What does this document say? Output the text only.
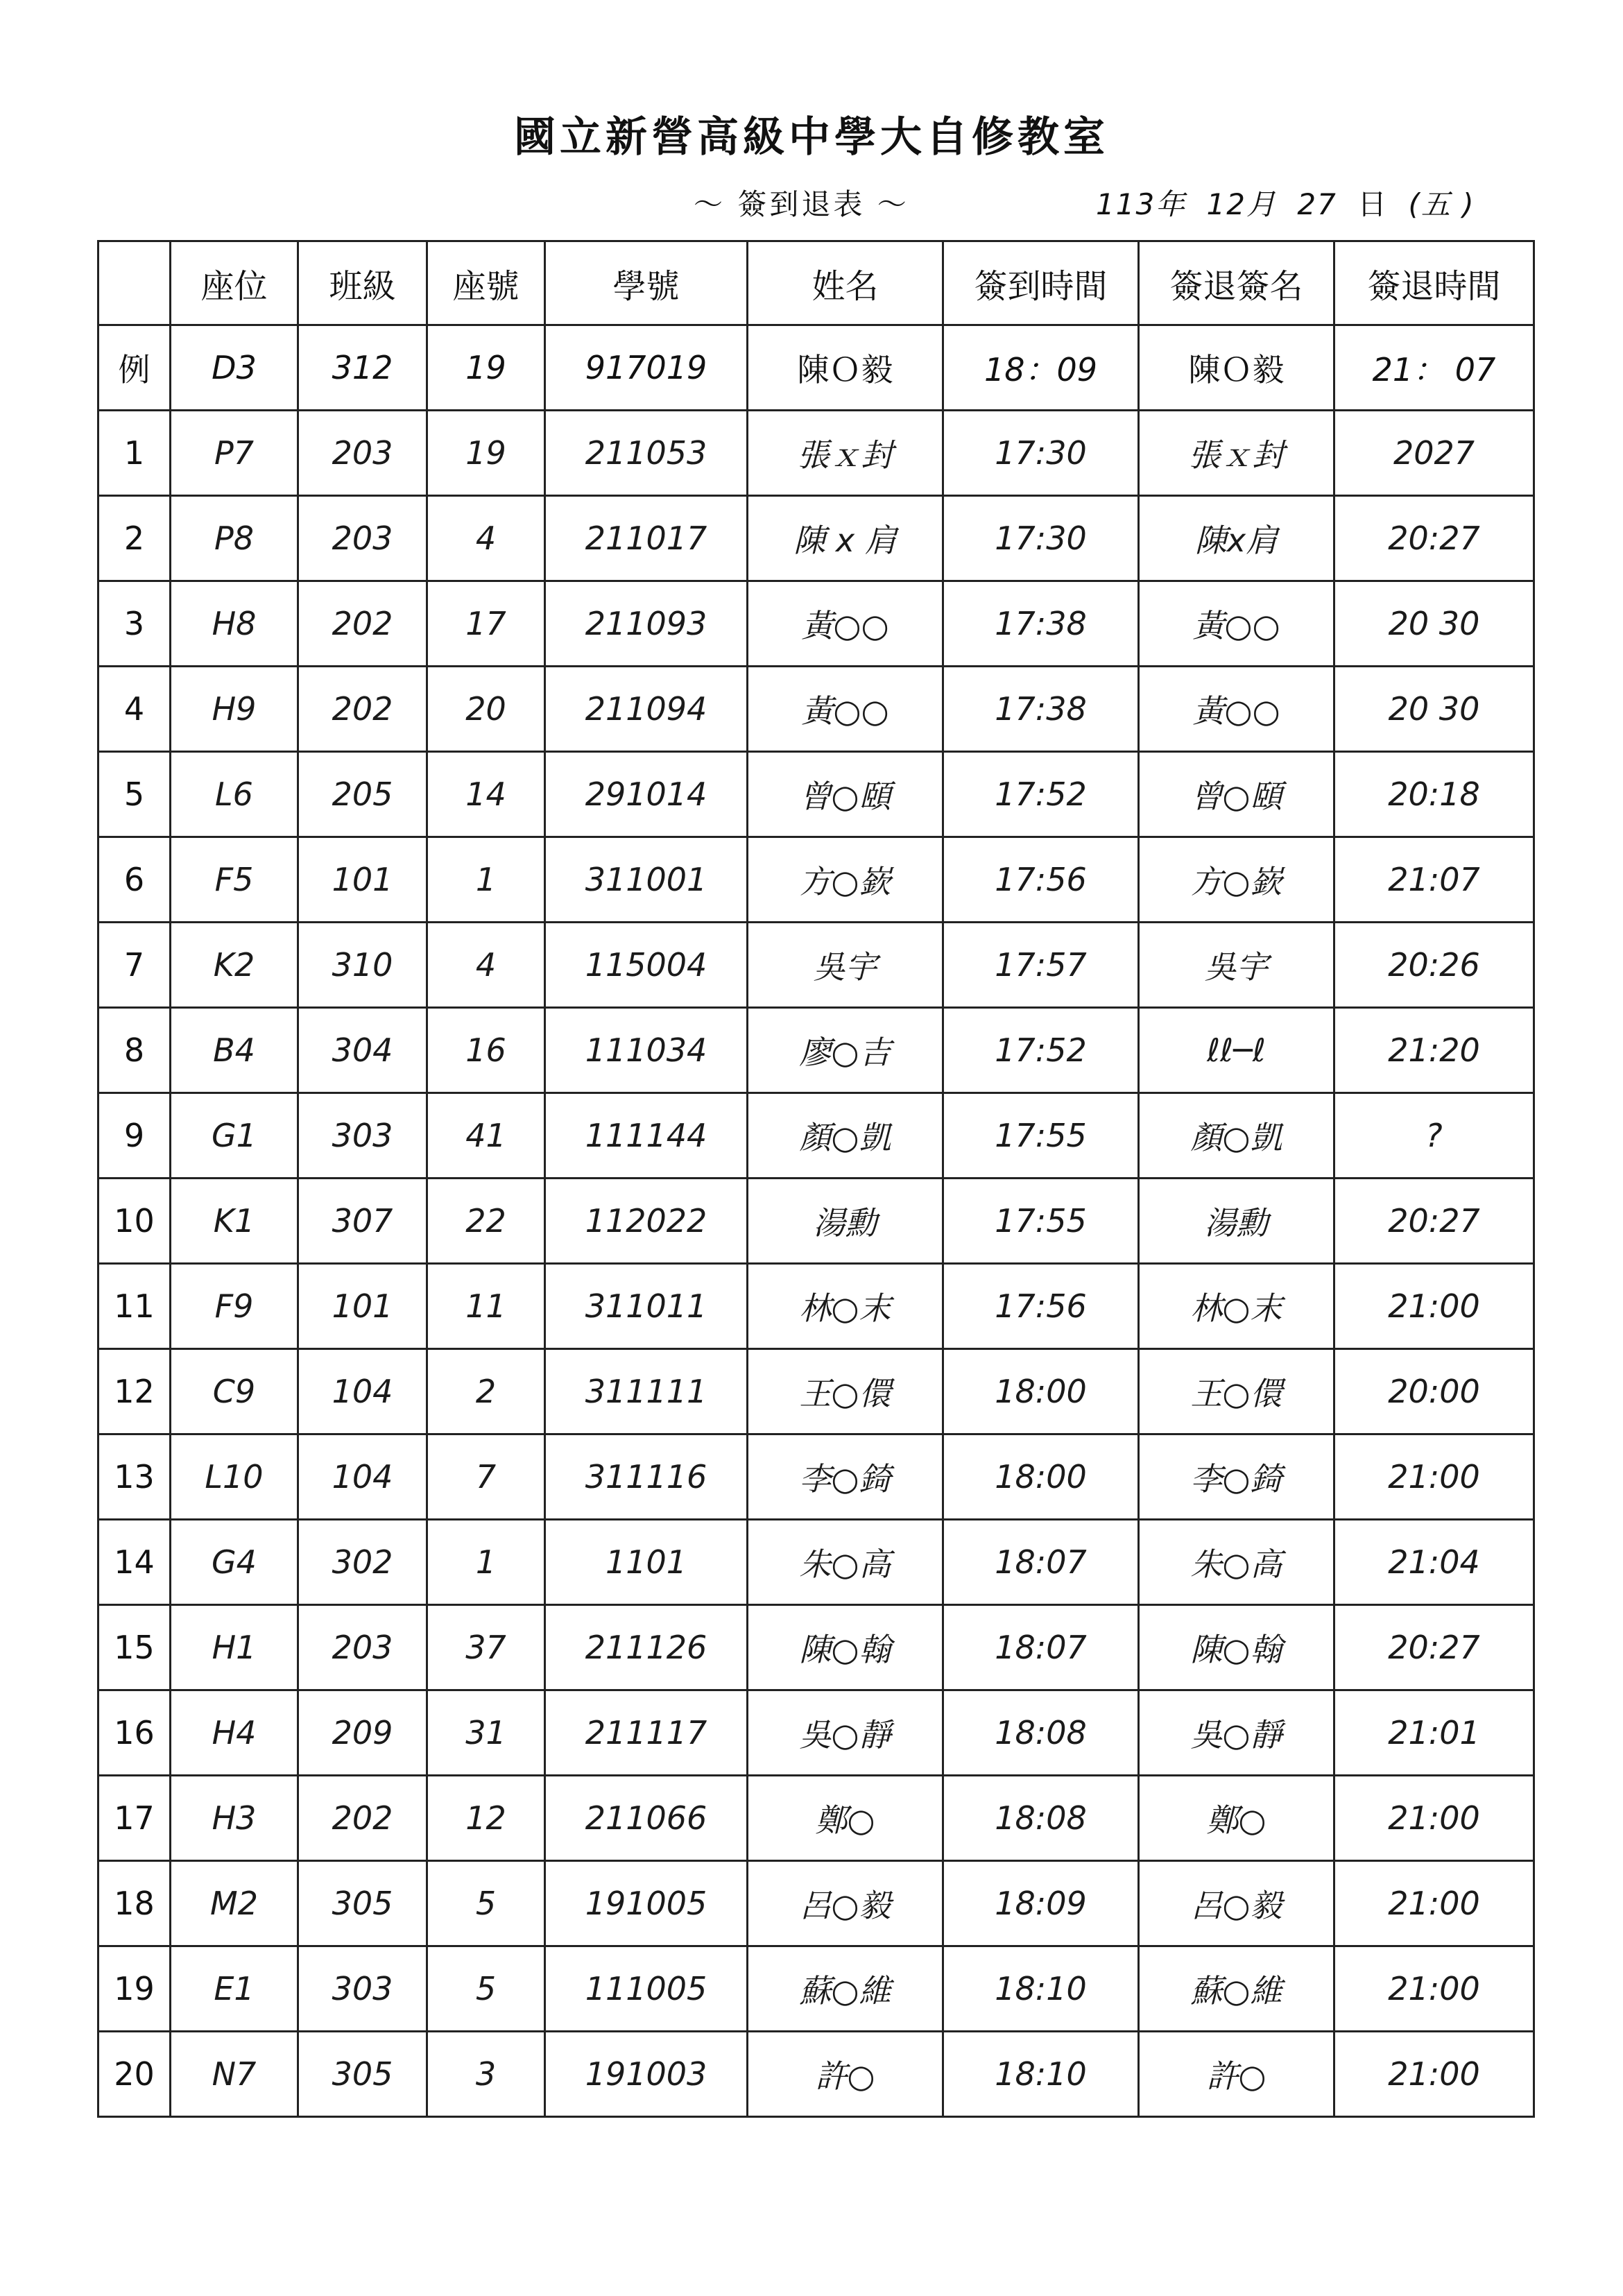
國立新營高級中學大自修教室
～ 簽到退表 ～	113年 12月 27 日 (五 )
	座位	班級	座號	學號	姓名	簽到時間	簽退簽名	簽退時間
例	D3	312	19	917019	陳Ｏ毅	18：09	陳Ｏ毅	21： 07
1	P7	203	19	211053	張ｘ封	17:30	張ｘ封	2027
2	P8	203	4	211017	陳 x 肩	17:30	陳x肩	20:27
3	H8	202	17	211093	黃○○	17:38	黃○○	20 30
4	H9	202	20	211094	黃○○	17:38	黃○○	20 30
5	L6	205	14	291014	曾○頤	17:52	曾○頤	20:18
6	F5	101	1	311001	方○嶔	17:56	方○嶔	21:07
7	K2	310	4	115004	吳宇	17:57	吳宇	20:26
8	B4	304	16	111034	廖○吉	17:52	ℓℓ─ℓ	21:20
9	G1	303	41	111144	顏○凱	17:55	顏○凱	?
10	K1	307	22	112022	湯勳	17:55	湯勳	20:27
11	F9	101	11	311011	林○末	17:56	林○末	21:00
12	C9	104	2	311111	王○儇	18:00	王○儇	20:00
13	L10	104	7	311116	李○錡	18:00	李○錡	21:00
14	G4	302	1	1101	朱○高	18:07	朱○高	21:04
15	H1	203	37	211126	陳○翰	18:07	陳○翰	20:27
16	H4	209	31	211117	吳○靜	18:08	吳○靜	21:01
17	H3	202	12	211066	鄭○	18:08	鄭○	21:00
18	M2	305	5	191005	呂○毅	18:09	呂○毅	21:00
19	E1	303	5	111005	蘇○維	18:10	蘇○維	21:00
20	N7	305	3	191003	許○	18:10	許○	21:00
